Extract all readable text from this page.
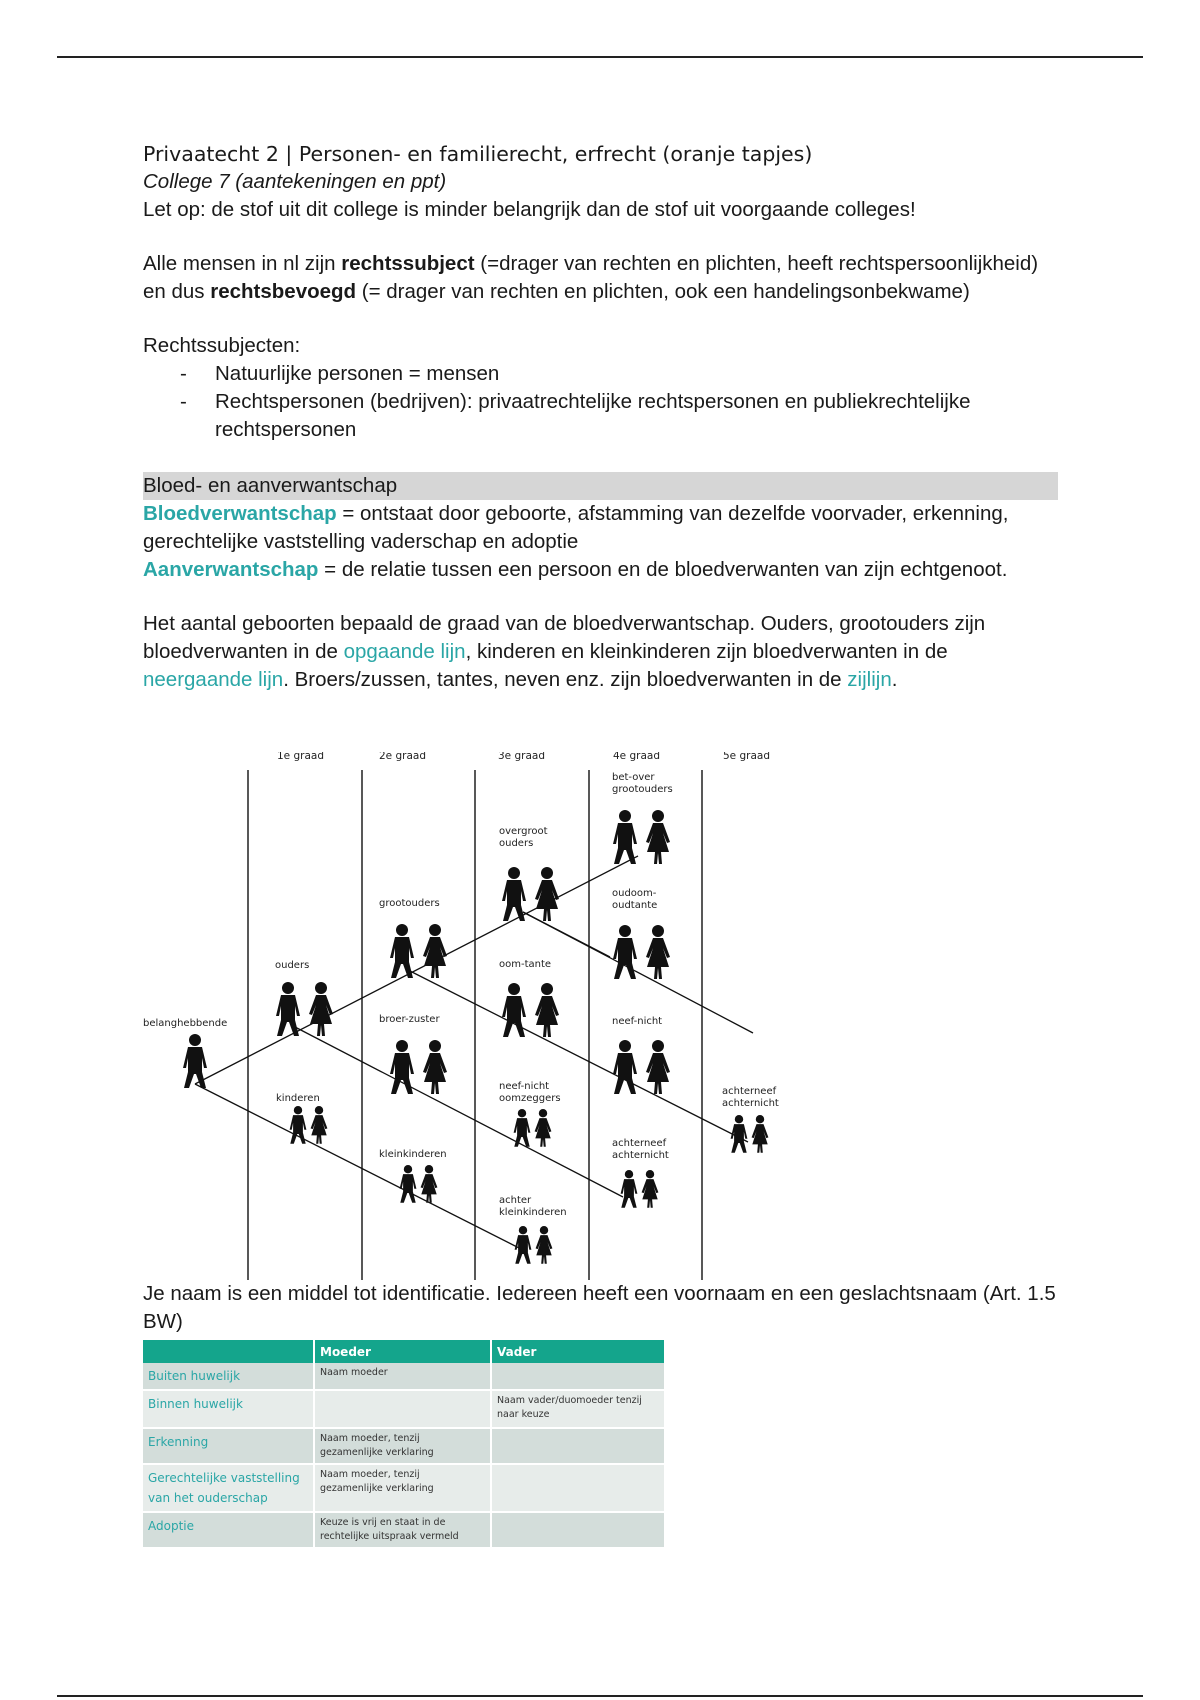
Privaatecht 2 | Personen- en familierecht, erfrecht (oranje tapjes)
College 7 (aantekeningen en ppt)
Let op: de stof uit dit college is minder belangrijk dan de stof uit voorgaande colleges!
Alle mensen in nl zijn rechtssubject (=drager van rechten en plichten, heeft rechtspersoonlijkheid) en dus rechtsbevoegd (= drager van rechten en plichten, ook een handelingsonbekwame)
Rechtssubjecten:
- Natuurlijke personen = mensen
- Rechtspersonen (bedrijven): privaatrechtelijke rechtspersonen en publiekrechtelijke rechtspersonen
Bloed- en aanverwantschap
Bloedverwantschap = ontstaat door geboorte, afstamming van dezelfde voorvader, erkenning, gerechtelijke vaststelling vaderschap en adoptie
Aanverwantschap = de relatie tussen een persoon en de bloedverwanten van zijn echtgenoot.
Het aantal geboorten bepaald de graad van de bloedverwantschap. Ouders, grootouders zijn bloedverwanten in de opgaande lijn, kinderen en kleinkinderen zijn bloedverwanten in de neergaande lijn. Broers/zussen, tantes, neven enz. zijn bloedverwanten in de zijlijn.
1e graad	2e graad	3e graad	4e graad	5e graad
belanghebbende
ouders
kinderen
grootouders
broer-zuster
kleinkinderen
overgroot
ouders
oom-tante
neef-nicht
oomzeggers
achter
kleinkinderen
bet-over
grootouders
oudoom-
oudtante
neef-nicht
achterneef
achternicht
achterneef
achternicht
Je naam is een middel tot identificatie. Iedereen heeft een voornaam en een geslachtsnaam (Art. 1.5 BW)
	Moeder	Vader
Buiten huwelijk	Naam moeder	
Binnen huwelijk		Naam vader/duomoeder tenzij naar keuze
Erkenning	Naam moeder, tenzij gezamenlijke verklaring	
Gerechtelijke vaststelling van het ouderschap	Naam moeder, tenzij gezamenlijke verklaring	
Adoptie	Keuze is vrij en staat in de rechtelijke uitspraak vermeld	
